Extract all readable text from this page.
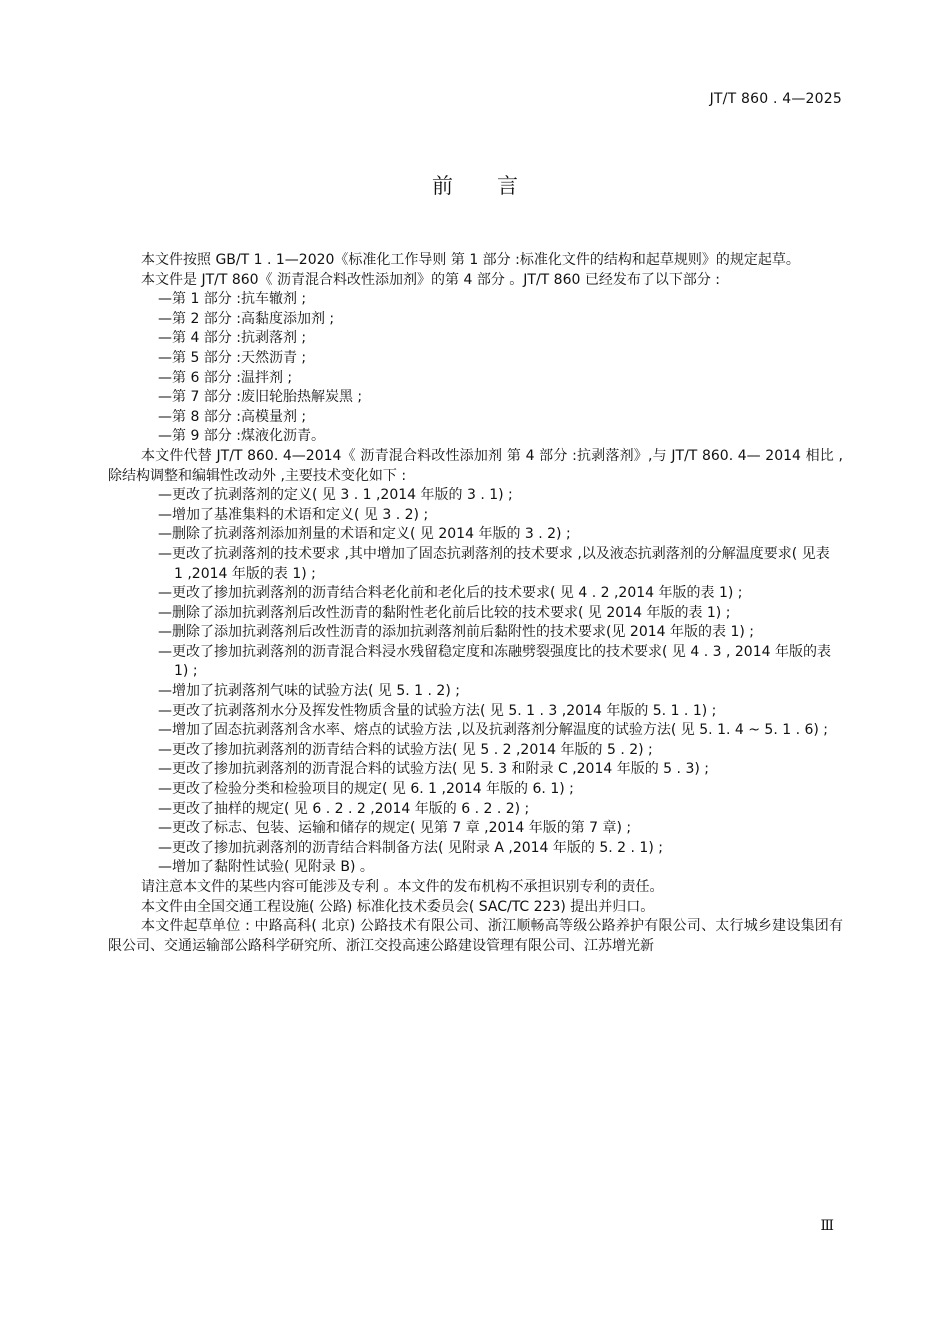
JT/T 860 . 4—2025
前 言

本文件按照 GB/T 1 . 1—2020《标准化工作导则 第 1 部分 :标准化文件的结构和起草规则》的规定起草。

本文件是 JT/T 860《 沥青混合料改性添加剂》的第 4 部分 。JT/T 860 已经发布了以下部分 :

—第 1 部分 :抗车辙剂 ;

—第 2 部分 :高黏度添加剂 ;

—第 4 部分 :抗剥落剂 ;

—第 5 部分 :天然沥青 ;

—第 6 部分 :温拌剂 ;

—第 7 部分 :废旧轮胎热解炭黑 ;

—第 8 部分 :高模量剂 ;

—第 9 部分 :煤液化沥青。

本文件代替 JT/T 860. 4—2014《 沥青混合料改性添加剂 第 4 部分 :抗剥落剂》,与 JT/T 860. 4— 2014 相比 ,除结构调整和编辑性改动外 ,主要技术变化如下 :

—更改了抗剥落剂的定义( 见 3 . 1 ,2014 年版的 3 . 1) ;

—增加了基准集料的术语和定义( 见 3 . 2) ;

—删除了抗剥落剂添加剂量的术语和定义( 见 2014 年版的 3 . 2) ;

—更改了抗剥落剂的技术要求 ,其中增加了固态抗剥落剂的技术要求 ,以及液态抗剥落剂的分解温度要求( 见表 1 ,2014 年版的表 1) ;

—更改了掺加抗剥落剂的沥青结合料老化前和老化后的技术要求( 见 4 . 2 ,2014 年版的表 1) ;

—删除了添加抗剥落剂后改性沥青的黏附性老化前后比较的技术要求( 见 2014 年版的表 1) ;

—删除了添加抗剥落剂后改性沥青的添加抗剥落剂前后黏附性的技术要求(见 2014 年版的表 1) ;

—更改了掺加抗剥落剂的沥青混合料浸水残留稳定度和冻融劈裂强度比的技术要求( 见 4 . 3 , 2014 年版的表 1) ;

—增加了抗剥落剂气味的试验方法( 见 5. 1 . 2) ;

—更改了抗剥落剂水分及挥发性物质含量的试验方法( 见 5. 1 . 3 ,2014 年版的 5. 1 . 1) ;

—增加了固态抗剥落剂含水率、熔点的试验方法 ,以及抗剥落剂分解温度的试验方法( 见 5. 1. 4 ~ 5. 1 . 6) ;

—更改了掺加抗剥落剂的沥青结合料的试验方法( 见 5 . 2 ,2014 年版的 5 . 2) ;

—更改了掺加抗剥落剂的沥青混合料的试验方法( 见 5. 3 和附录 C ,2014 年版的 5 . 3) ;

—更改了检验分类和检验项目的规定( 见 6. 1 ,2014 年版的 6. 1) ;

—更改了抽样的规定( 见 6 . 2 . 2 ,2014 年版的 6 . 2 . 2) ;

—更改了标志、包装、运输和储存的规定( 见第 7 章 ,2014 年版的第 7 章) ;

—更改了掺加抗剥落剂的沥青结合料制备方法( 见附录 A ,2014 年版的 5. 2 . 1) ;

—增加了黏附性试验( 见附录 B) 。

请注意本文件的某些内容可能涉及专利 。本文件的发布机构不承担识别专利的责任。

本文件由全国交通工程设施( 公路) 标准化技术委员会( SAC/TC 223) 提出并归口。

本文件起草单位 : 中路高科( 北京) 公路技术有限公司、浙江顺畅高等级公路养护有限公司、太行城乡建设集团有限公司、交通运输部公路科学研究所、浙江交投高速公路建设管理有限公司、江苏增光新

Ⅲ
